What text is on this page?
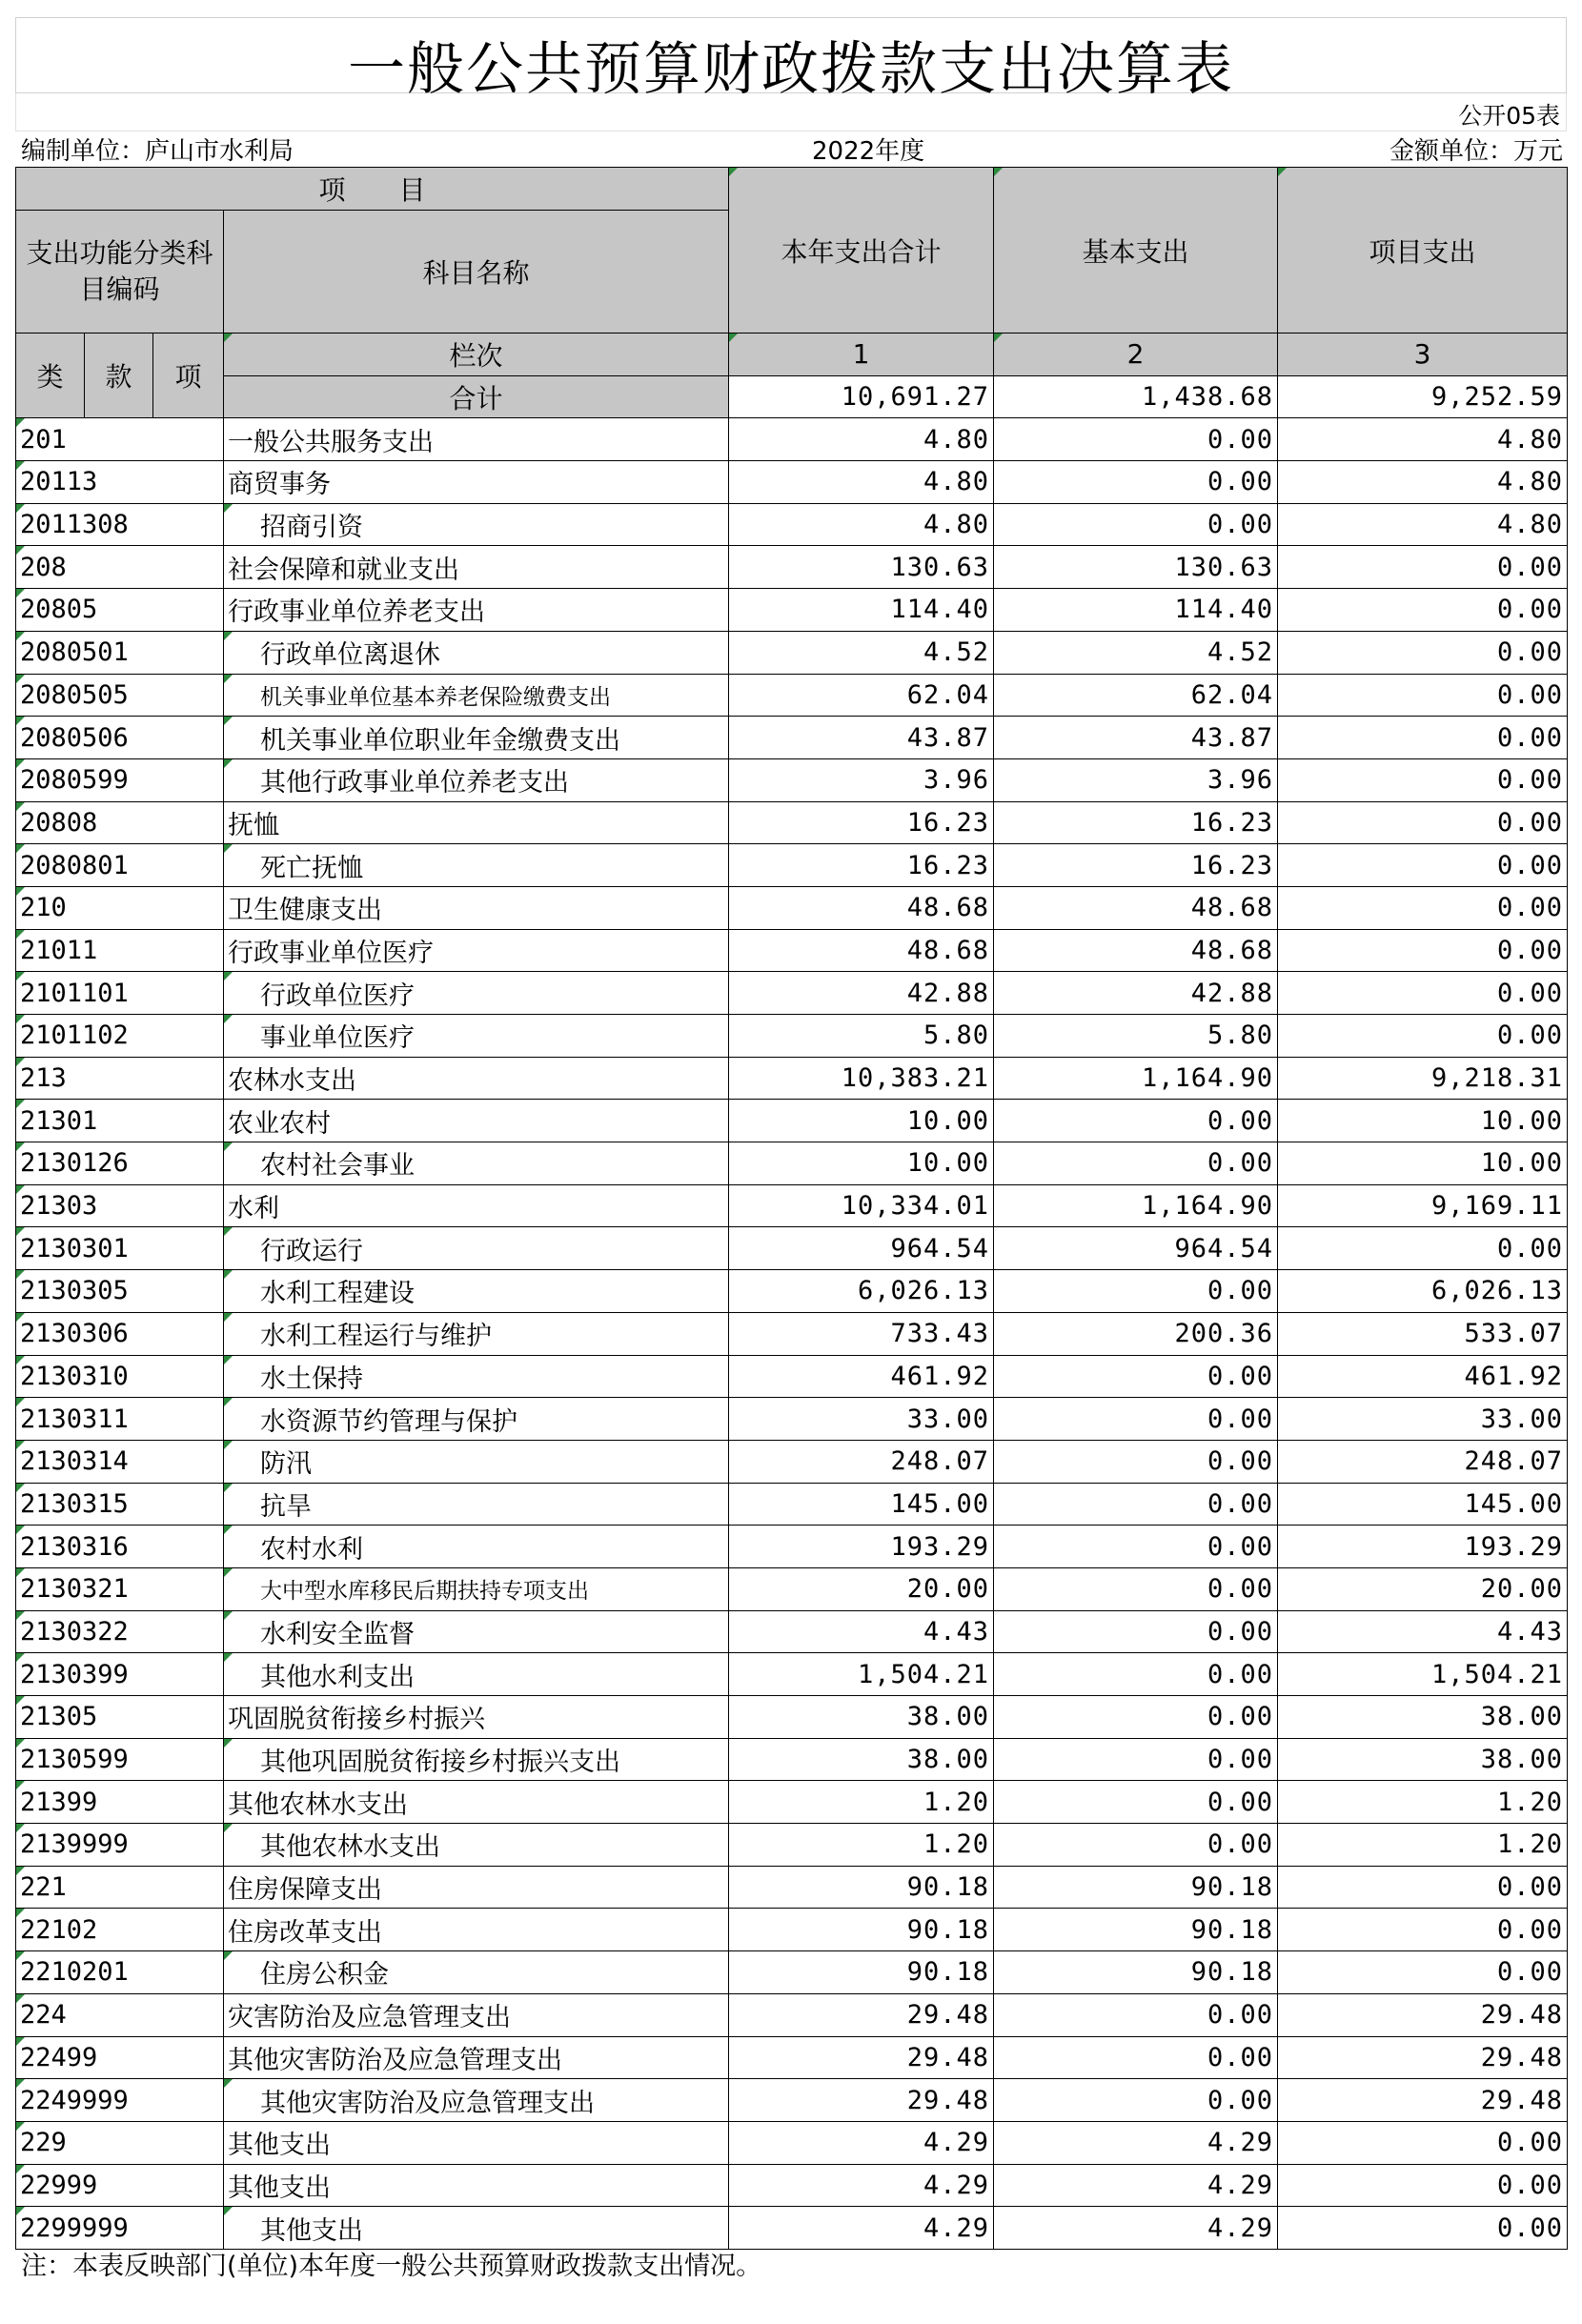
一般公共预算财政拨款支出决算表
公开05表
编制单位：庐山市水利局	2022年度	金额单位：万元
项　　目				本年支出合计	基本支出	项目支出
支出功能分类科目编码			科目名称			

类	款	项	栏次	1	2	3
			合计	10,691.27	1,438.68	9,252.59
201			一般公共服务支出	4.80	0.00	4.80
20113			商贸事务	4.80	0.00	4.80
2011308			招商引资	4.80	0.00	4.80
208			社会保障和就业支出	130.63	130.63	0.00
20805			行政事业单位养老支出	114.40	114.40	0.00
2080501			行政单位离退休	4.52	4.52	0.00
2080505			机关事业单位基本养老保险缴费支出	62.04	62.04	0.00
2080506			机关事业单位职业年金缴费支出	43.87	43.87	0.00
2080599			其他行政事业单位养老支出	3.96	3.96	0.00
20808			抚恤	16.23	16.23	0.00
2080801			死亡抚恤	16.23	16.23	0.00
210			卫生健康支出	48.68	48.68	0.00
21011			行政事业单位医疗	48.68	48.68	0.00
2101101			行政单位医疗	42.88	42.88	0.00
2101102			事业单位医疗	5.80	5.80	0.00
213			农林水支出	10,383.21	1,164.90	9,218.31
21301			农业农村	10.00	0.00	10.00
2130126			农村社会事业	10.00	0.00	10.00
21303			水利	10,334.01	1,164.90	9,169.11
2130301			行政运行	964.54	964.54	0.00
2130305			水利工程建设	6,026.13	0.00	6,026.13
2130306			水利工程运行与维护	733.43	200.36	533.07
2130310			水土保持	461.92	0.00	461.92
2130311			水资源节约管理与保护	33.00	0.00	33.00
2130314			防汛	248.07	0.00	248.07
2130315			抗旱	145.00	0.00	145.00
2130316			农村水利	193.29	0.00	193.29
2130321			大中型水库移民后期扶持专项支出	20.00	0.00	20.00
2130322			水利安全监督	4.43	0.00	4.43
2130399			其他水利支出	1,504.21	0.00	1,504.21
21305			巩固脱贫衔接乡村振兴	38.00	0.00	38.00
2130599			其他巩固脱贫衔接乡村振兴支出	38.00	0.00	38.00
21399			其他农林水支出	1.20	0.00	1.20
2139999			其他农林水支出	1.20	0.00	1.20
221			住房保障支出	90.18	90.18	0.00
22102			住房改革支出	90.18	90.18	0.00
2210201			住房公积金	90.18	90.18	0.00
224			灾害防治及应急管理支出	29.48	0.00	29.48
22499			其他灾害防治及应急管理支出	29.48	0.00	29.48
2249999			其他灾害防治及应急管理支出	29.48	0.00	29.48
229			其他支出	4.29	4.29	0.00
22999			其他支出	4.29	4.29	0.00
2299999			其他支出	4.29	4.29	0.00
注：本表反映部门(单位)本年度一般公共预算财政拨款支出情况。
